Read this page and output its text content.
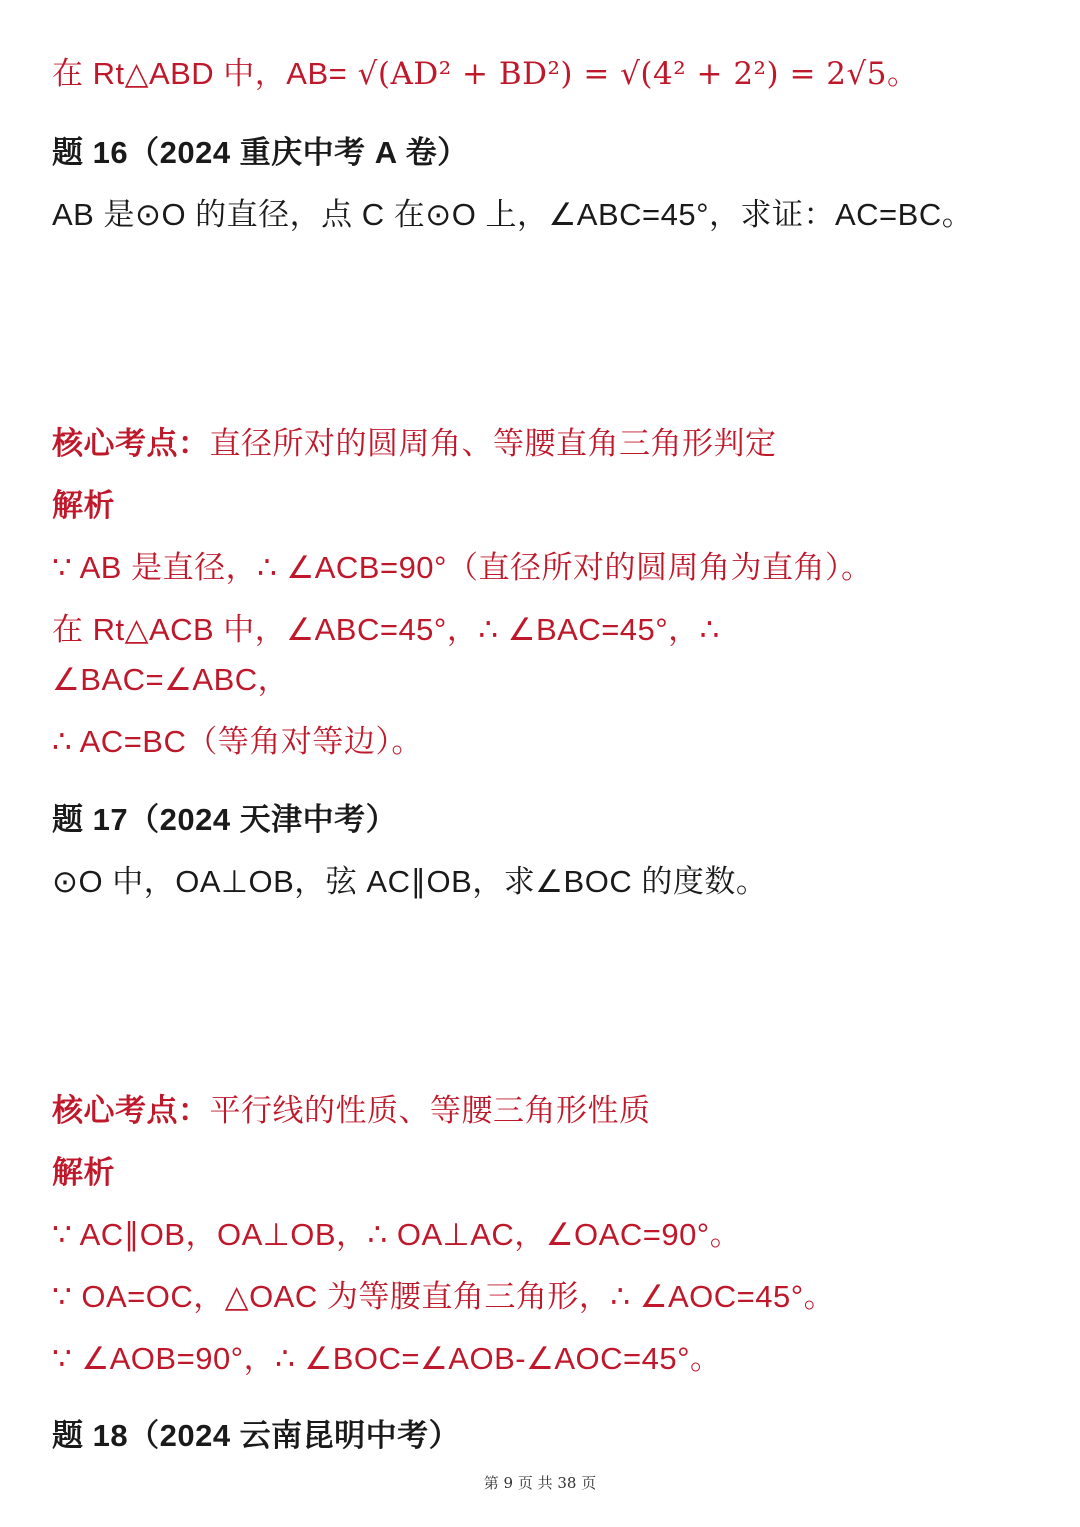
在 Rt△ABD 中，AB= √(AD² + BD²) = √(4² + 2²) = 2√5。
题 16（2024 重庆中考 A 卷）
AB 是⊙O 的直径，点 C 在⊙O 上，∠ABC=45°，求证：AC=BC。
核心考点：直径所对的圆周角、等腰直角三角形判定
解析
∵ AB 是直径，∴ ∠ACB=90°（直径所对的圆周角为直角）。
在 Rt△ACB 中，∠ABC=45°，∴ ∠BAC=45°，∴
∠BAC=∠ABC，
∴ AC=BC（等角对等边）。
题 17（2024 天津中考）
⊙O 中，OA⊥OB，弦 AC∥OB，求∠BOC 的度数。
核心考点：平行线的性质、等腰三角形性质
解析
∵ AC∥OB，OA⊥OB，∴ OA⊥AC，∠OAC=90°。
∵ OA=OC，△OAC 为等腰直角三角形，∴ ∠AOC=45°。
∵ ∠AOB=90°，∴ ∠BOC=∠AOB-∠AOC=45°。
题 18（2024 云南昆明中考）
第 9 页 共 38 页
